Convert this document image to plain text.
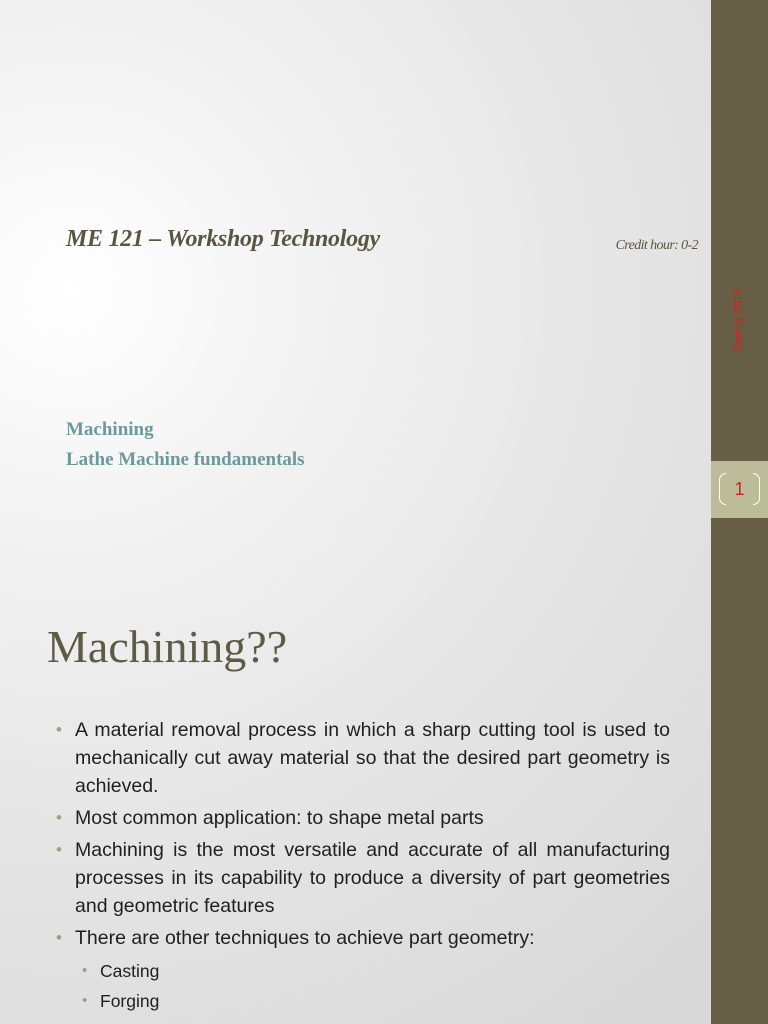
ME 121 – Workshop Technology	Credit hour: 0-2
Machining
Lathe Machine fundamentals
Machining??
• A material removal process in which a sharp cutting tool is used to mechanically cut away material so that the desired part geometry is achieved.
• Most common application: to shape metal parts
• Machining is the most versatile and accurate of all manufacturing processes in its capability to produce a diversity of part geometries and geometric features
• There are other techniques to achieve part geometry:
• Casting
• Forging
Spring 2016
1
